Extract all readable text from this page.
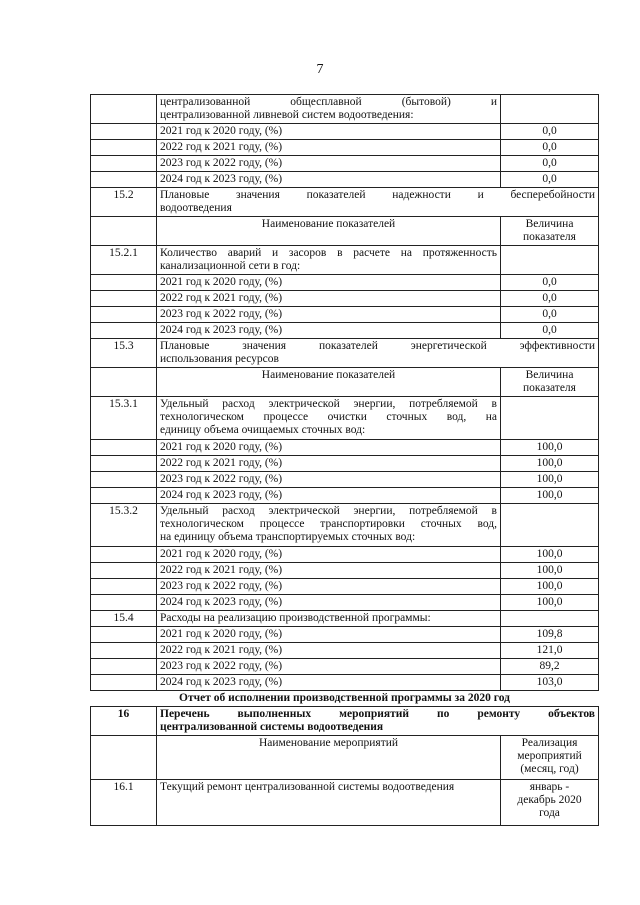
7

	централизованной общесплавной (бытовой) и
централизованной ливневой систем водоотведения:	

	2021 год к 2020 году, (%)	0,0
	2022 год к 2021 году, (%)	0,0
	2023 год к 2022 году, (%)	0,0
	2024 год к 2023 году, (%)	0,0
15.2	Плановые значения показателей надежности и бесперебойности
водоотведения	

	Наименование показателей	Величина показателя
15.2.1	Количество аварий и засоров в расчете на протяженность
канализационной сети в год:	

	2021 год к 2020 году, (%)	0,0
	2022 год к 2021 году, (%)	0,0
	2023 год к 2022 году, (%)	0,0
	2024 год к 2023 году, (%)	0,0
15.3	Плановые значения показателей энергетической эффективности
использования ресурсов	

	Наименование показателей	Величина показателя
15.3.1	Удельный расход электрической энергии, потребляемой в
технологическом процессе очистки сточных вод, на
единицу объема очищаемых сточных вод:	

	2021 год к 2020 году, (%)	100,0
	2022 год к 2021 году, (%)	100,0
	2023 год к 2022 году, (%)	100,0
	2024 год к 2023 году, (%)	100,0
15.3.2	Удельный расход электрической энергии, потребляемой в
технологическом процессе транспортировки сточных вод,
на единицу объема транспортируемых сточных вод:	

	2021 год к 2020 году, (%)	100,0
	2022 год к 2021 году, (%)	100,0
	2023 год к 2022 году, (%)	100,0
	2024 год к 2023 году, (%)	100,0
15.4	Расходы на реализацию производственной программы:	
	2021 год к 2020 году, (%)	109,8
	2022 год к 2021 году, (%)	121,0
	2023 год к 2022 году, (%)	89,2
	2024 год к 2023 году, (%)	103,0
Отчет об исполнении производственной программы за 2020 год		
16	Перечень выполненных мероприятий по ремонту объектов
централизованной системы водоотведения	

	Наименование мероприятий	Реализация
мероприятий
(месяц, год)

16.1	Текущий ремонт централизованной системы водоотведения	январь -
декабрь 2020
года
